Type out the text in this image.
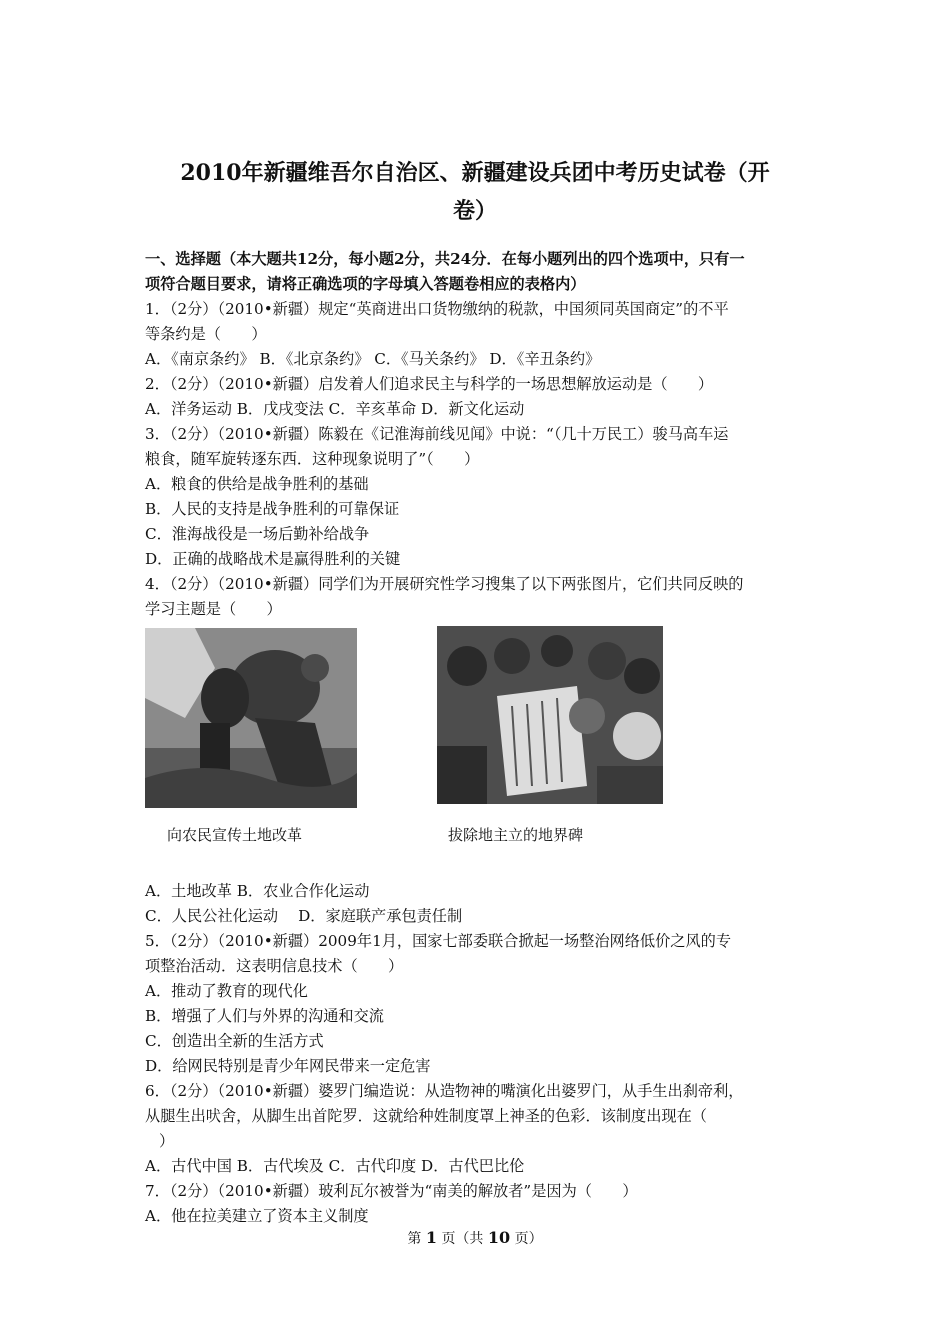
2010年新疆维吾尔自治区、新疆建设兵团中考历史试卷（开
卷）
一、选择题（本大题共12分，每小题2分，共24分．在每小题列出的四个选项中，只有一
项符合题目要求，请将正确选项的字母填入答题卷相应的表格内）
1．（2分）（2010•新疆）规定“英商进出口货物缴纳的税款，中国须同英国商定”的不平
等条约是（　　）
A．《南京条约》 B．《北京条约》 C．《马关条约》 D．《辛丑条约》
2．（2分）（2010•新疆）启发着人们追求民主与科学的一场思想解放运动是（　　）
A．洋务运动 B．戊戌变法 C．辛亥革命 D．新文化运动
3．（2分）（2010•新疆）陈毅在《记淮海前线见闻》中说：“（几十万民工）骏马高车运
粮食，随军旋转逐东西．这种现象说明了”（　　）
A．粮食的供给是战争胜利的基础
B．人民的支持是战争胜利的可靠保证
C．淮海战役是一场后勤补给战争
D．正确的战略战术是赢得胜利的关键
4．（2分）（2010•新疆）同学们为开展研究性学习搜集了以下两张图片，它们共同反映的
学习主题是（　　）
向农民宣传土地改革	拔除地主立的地界碑
A．土地改革 B．农业合作化运动
C．人民公社化运动　 D．家庭联产承包责任制
5．（2分）（2010•新疆）2009年1月，国家七部委联合掀起一场整治网络低价之风的专
项整治活动．这表明信息技术（　　）
A．推动了教育的现代化
B．增强了人们与外界的沟通和交流
C．创造出全新的生活方式
D．给网民特别是青少年网民带来一定危害
6．（2分）（2010•新疆）婆罗门编造说：从造物神的嘴演化出婆罗门，从手生出刹帝利，
从腿生出吠舍，从脚生出首陀罗．这就给种姓制度罩上神圣的色彩．该制度出现在（
）
A．古代中国 B．古代埃及 C．古代印度 D．古代巴比伦
7．（2分）（2010•新疆）玻利瓦尔被誉为“南美的解放者”是因为（　　）
A．他在拉美建立了资本主义制度
第 1 页（共 10 页）
